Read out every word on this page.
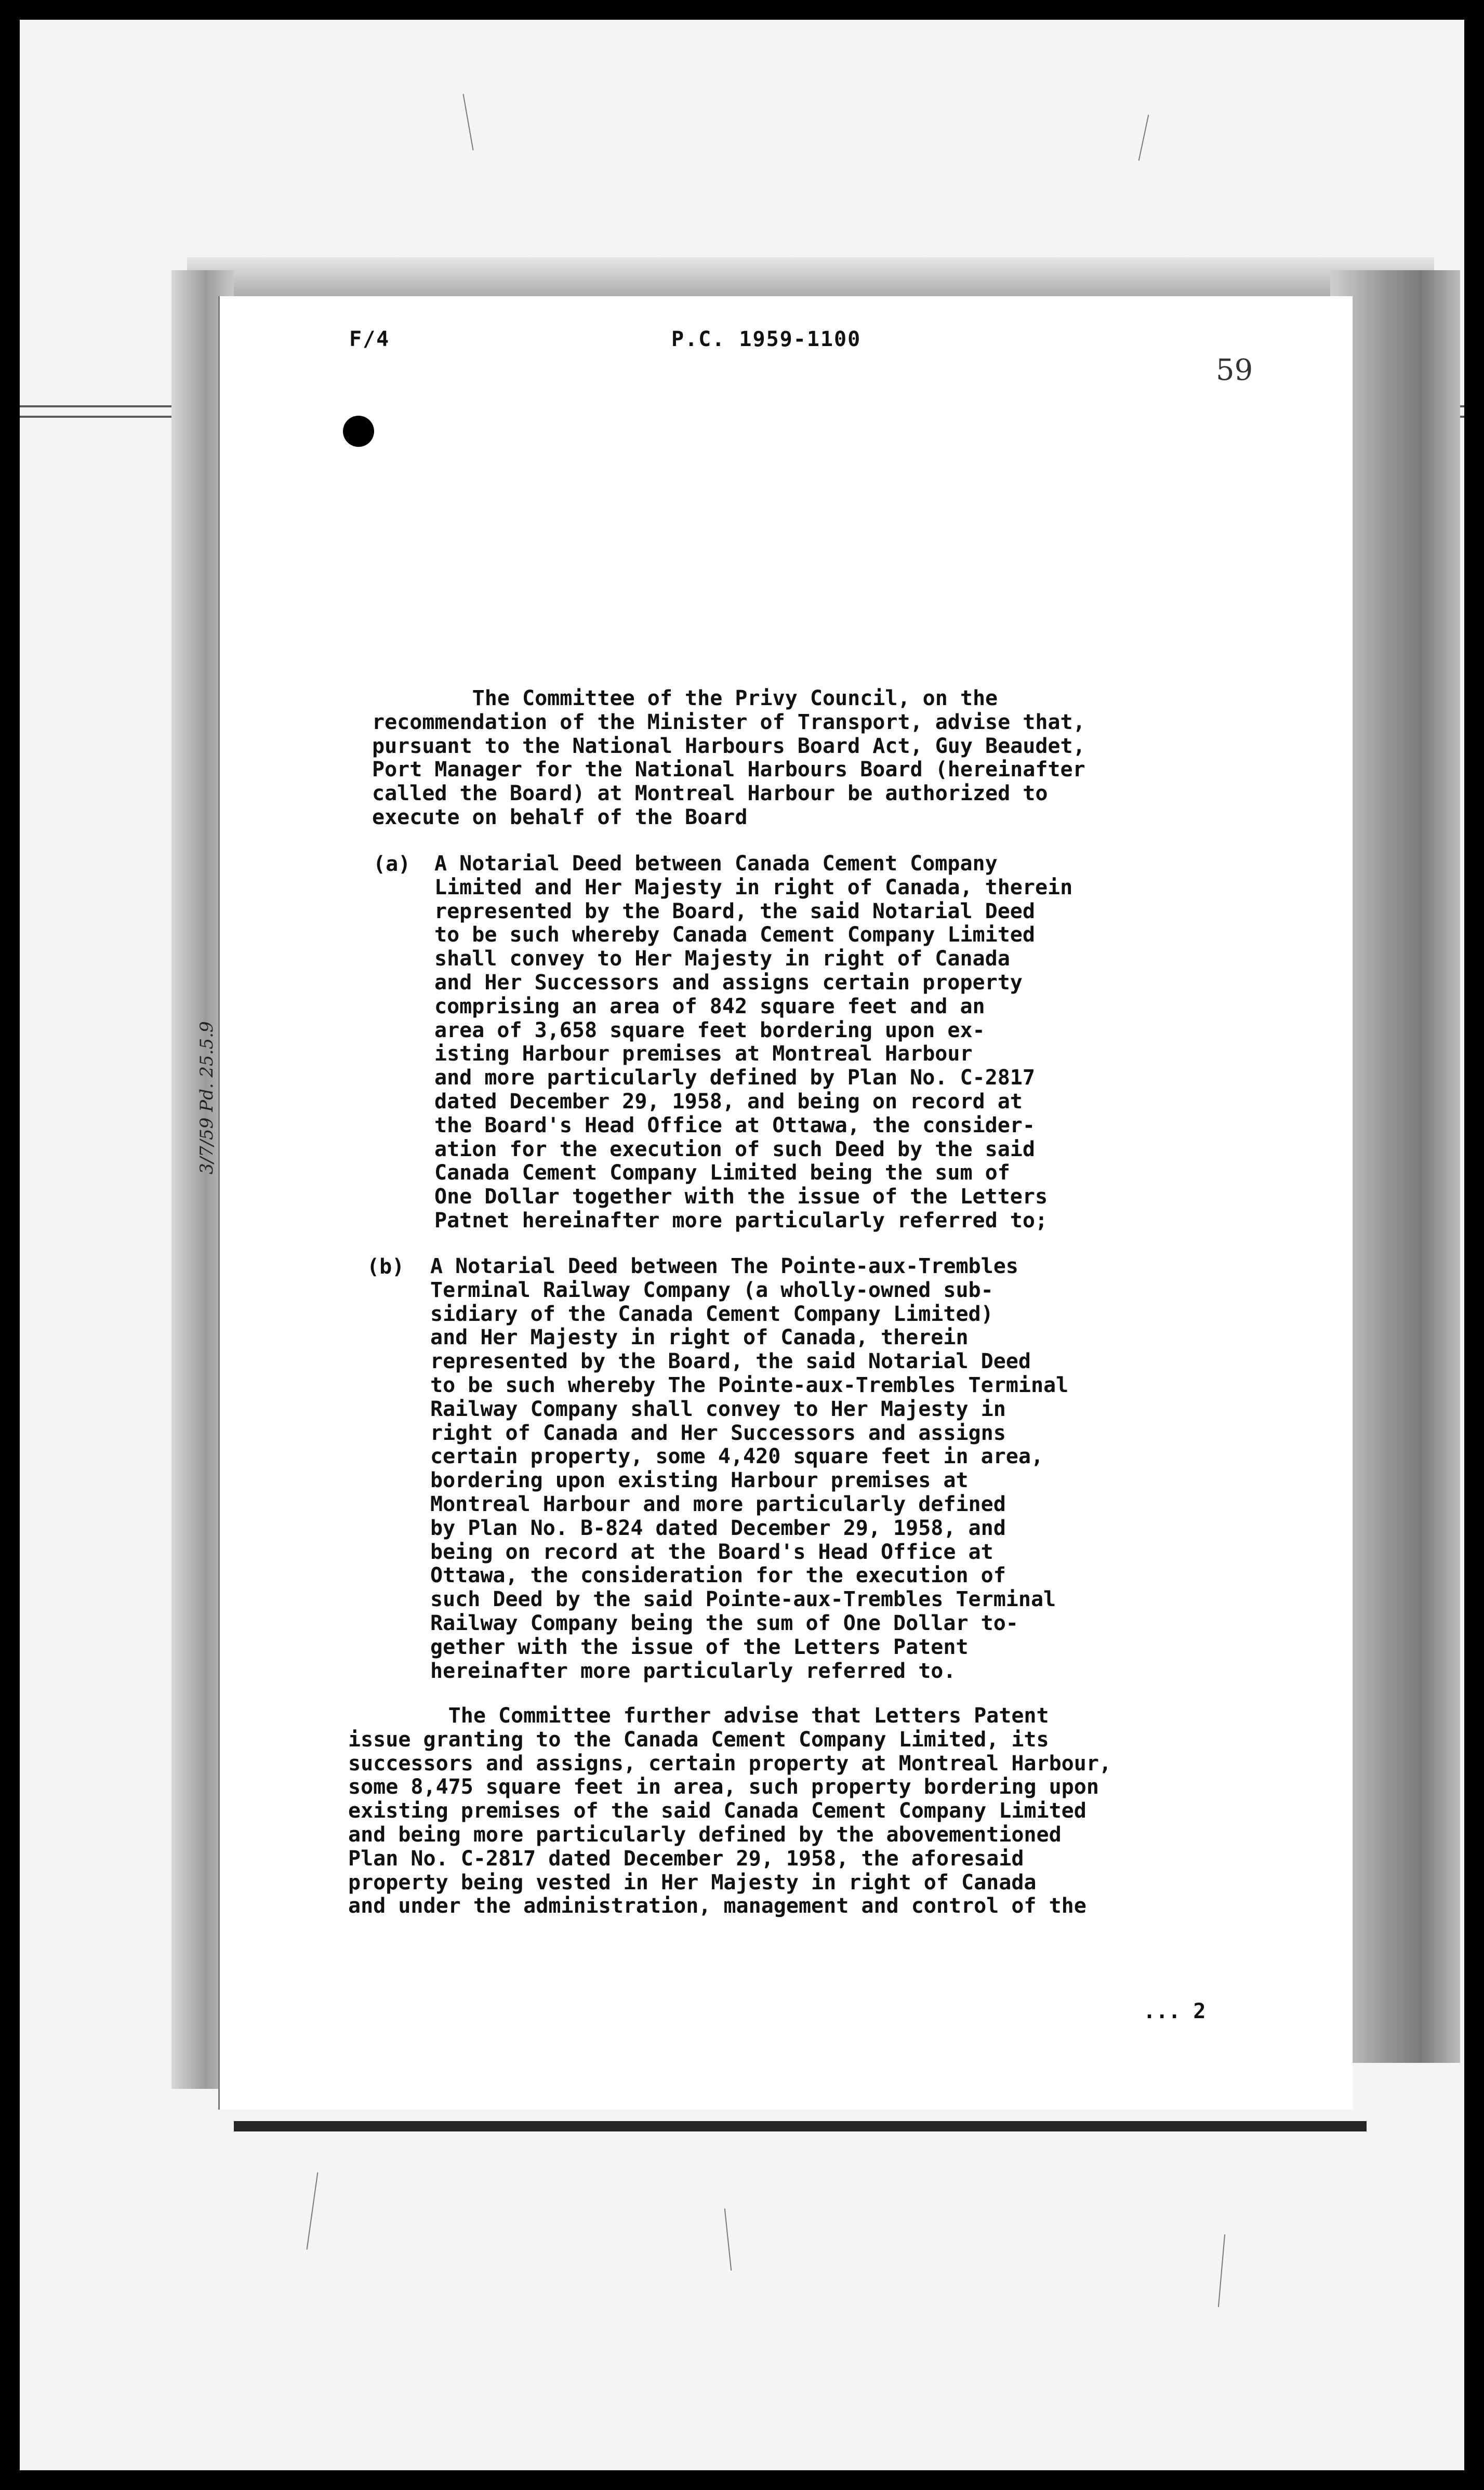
F/4	P.C. 1959-1100
59
3/7/59 Pd. 25.5.9
The Committee of the Privy Council, on the
recommendation of the Minister of Transport, advise that,
pursuant to the National Harbours Board Act, Guy Beaudet,
Port Manager for the National Harbours Board (hereinafter
called the Board) at Montreal Harbour be authorized to
execute on behalf of the Board
(a) A Notarial Deed between Canada Cement Company
Limited and Her Majesty in right of Canada, therein
represented by the Board, the said Notarial Deed
to be such whereby Canada Cement Company Limited
shall convey to Her Majesty in right of Canada
and Her Successors and assigns certain property
comprising an area of 842 square feet and an
area of 3,658 square feet bordering upon ex-
isting Harbour premises at Montreal Harbour
and more particularly defined by Plan No. C-2817
dated December 29, 1958, and being on record at
the Board's Head Office at Ottawa, the consider-
ation for the execution of such Deed by the said
Canada Cement Company Limited being the sum of
One Dollar together with the issue of the Letters
Patnet hereinafter more particularly referred to;
(b) A Notarial Deed between The Pointe-aux-Trembles
Terminal Railway Company (a wholly-owned sub-
sidiary of the Canada Cement Company Limited)
and Her Majesty in right of Canada, therein
represented by the Board, the said Notarial Deed
to be such whereby The Pointe-aux-Trembles Terminal
Railway Company shall convey to Her Majesty in
right of Canada and Her Successors and assigns
certain property, some 4,420 square feet in area,
bordering upon existing Harbour premises at
Montreal Harbour and more particularly defined
by Plan No. B-824 dated December 29, 1958, and
being on record at the Board's Head Office at
Ottawa, the consideration for the execution of
such Deed by the said Pointe-aux-Trembles Terminal
Railway Company being the sum of One Dollar to-
gether with the issue of the Letters Patent
hereinafter more particularly referred to.
The Committee further advise that Letters Patent
issue granting to the Canada Cement Company Limited, its
successors and assigns, certain property at Montreal Harbour,
some 8,475 square feet in area, such property bordering upon
existing premises of the said Canada Cement Company Limited
and being more particularly defined by the abovementioned
Plan No. C-2817 dated December 29, 1958, the aforesaid
property being vested in Her Majesty in right of Canada
and under the administration, management and control of the
... 2
